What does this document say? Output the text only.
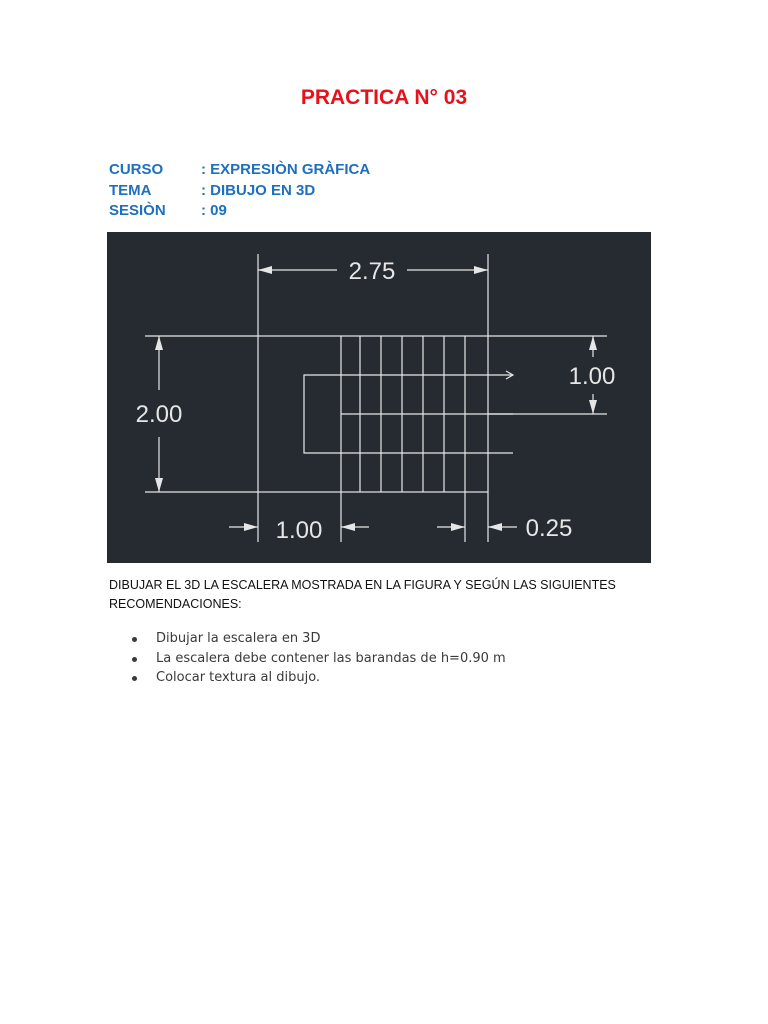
PRACTICA N° 03
CURSO	: EXPRESIÒN GRÀFICA
TEMA	: DIBUJO EN 3D
SESIÒN : 09
2.75
2.00
1.00
1.00	0.25
DIBUJAR EL 3D LA ESCALERA MOSTRADA EN LA FIGURA Y SEGÚN LAS SIGUIENTES RECOMENDACIONES:
Dibujar la escalera en 3D
La escalera debe contener las barandas de h=0.90 m
Colocar textura al dibujo.
